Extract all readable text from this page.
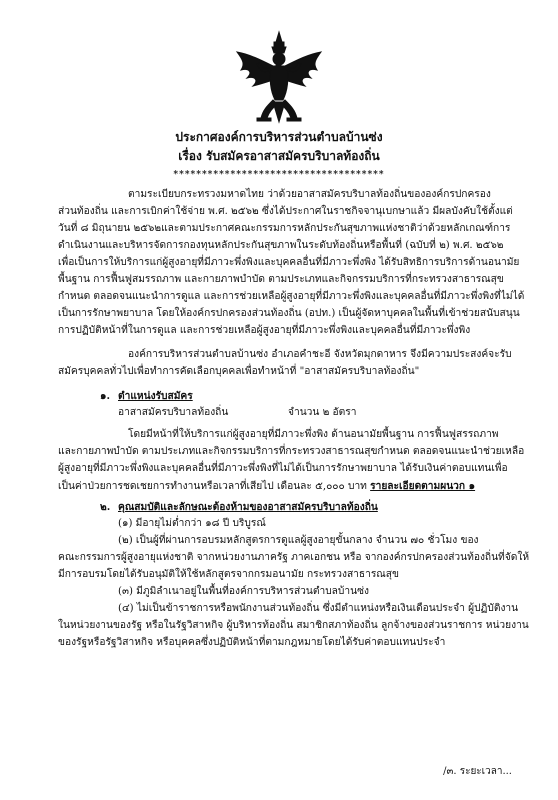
ประกาศองค์การบริหารส่วนตำบลบ้านซ่ง
เรื่อง รับสมัครอาสาสมัครบริบาลท้องถิ่น
*************************************
ตามระเบียบกระทรวงมหาดไทย ว่าด้วยอาสาสมัครบริบาลท้องถิ่นขององค์กรปกครอง
ส่วนท้องถิ่น และการเบิกค่าใช้จ่าย พ.ศ. ๒๕๖๒ ซึ่งได้ประกาศในราชกิจจานุเบกษาแล้ว มีผลบังคับใช้ตั้งแต่
วันที่ ๘ มิถุนายน ๒๕๖๒และตามประกาศคณะกรรมการหลักประกันสุขภาพแห่งชาติว่าด้วยหลักเกณฑ์การ
ดำเนินงานและบริหารจัดการกองทุนหลักประกันสุขภาพในระดับท้องถิ่นหรือพื้นที่ (ฉบับที่ ๒) พ.ศ. ๒๕๖๒
เพื่อเป็นการให้บริการแก่ผู้สูงอายุที่มีภาวะพึ่งพิงและบุคคลอื่นที่มีภาวะพึ่งพิง ได้รับสิทธิการบริการด้านอนามัย
พื้นฐาน การฟื้นฟูสมรรถภาพ และกายภาพบำบัด ตามประเภทและกิจกรรมบริการที่กระทรวงสาธารณสุข
กำหนด ตลอดจนแนะนำการดูแล และการช่วยเหลือผู้สูงอายุที่มีภาวะพึ่งพิงและบุคคลอื่นที่มีภาวะพึ่งพิงที่ไม่ได้
เป็นการรักษาพยาบาล โดยให้องค์กรปกครองส่วนท้องถิ่น (อปท.) เป็นผู้จัดหาบุคคลในพื้นที่เข้าช่วยสนับสนุน
การปฏิบัติหน้าที่ในการดูแล และการช่วยเหลือผู้สูงอายุที่มีภาวะพึ่งพิงและบุคคลอื่นที่มีภาวะพึ่งพิง
องค์การบริหารส่วนตำบลบ้านซ่ง อำเภอคำชะอี จังหวัดมุกดาหาร จึงมีความประสงค์จะรับ
สมัครบุคคลทั่วไปเพื่อทำการคัดเลือกบุคคลเพื่อทำหน้าที่ "อาสาสมัครบริบาลท้องถิ่น"
๑. ตำแหน่งรับสมัคร
อาสาสมัครบริบาลท้องถิ่น	จำนวน ๒ อัตรา
โดยมีหน้าที่ให้บริการแก่ผู้สูงอายุที่มีภาวะพึ่งพิง ด้านอนามัยพื้นฐาน การฟื้นฟูสรรถภาพ
และกายภาพบำบัด ตามประเภทและกิจกรรมบริการที่กระทรวงสาธารณสุขกำหนด ตลอดจนแนะนำช่วยเหลือ
ผู้สูงอายุที่มีภาวะพึ่งพิงและบุคคลอื่นที่มีภาวะพึ่งพิงที่ไม่ได้เป็นการรักษาพยาบาล ได้รับเงินค่าตอบแทนเพื่อ
เป็นค่าป่วยการชดเชยการทำงานหรือเวลาที่เสียไป เดือนละ ๕,๐๐๐ บาท รายละเอียดตามผนวก ๑
๒. คุณสมบัติและลักษณะต้องห้ามของอาสาสมัครบริบาลท้องถิ่น
(๑) มีอายุไม่ต่ำกว่า ๑๘ ปี บริบูรณ์
(๒) เป็นผู้ที่ผ่านการอบรมหลักสูตรการดูแลผู้สูงอายุขั้นกลาง จำนวน ๗๐ ชั่วโมง ของ
คณะกรรมการผู้สูงอายุแห่งชาติ จากหน่วยงานภาครัฐ ภาคเอกชน หรือ จากองค์กรปกครองส่วนท้องถิ่นที่จัดให้
มีการอบรมโดยได้รับอนุมัติให้ใช้หลักสูตรจากกรมอนามัย กระทรวงสาธารณสุข
(๓) มีภูมิลำเนาอยู่ในพื้นที่องค์การบริหารส่วนตำบลบ้านซ่ง
(๔) ไม่เป็นข้าราชการหรือพนักงานส่วนท้องถิ่น ซึ่งมีตำแหน่งหรือเงินเดือนประจำ ผู้ปฏิบัติงาน
ในหน่วยงานของรัฐ หรือในรัฐวิสาหกิจ ผู้บริหารท้องถิ่น สมาชิกสภาท้องถิ่น ลูกจ้างของส่วนราชการ หน่วยงาน
ของรัฐหรือรัฐวิสาหกิจ หรือบุคคลซึ่งปฏิบัติหน้าที่ตามกฎหมายโดยได้รับค่าตอบแทนประจำ
/๓. ระยะเวลา...
